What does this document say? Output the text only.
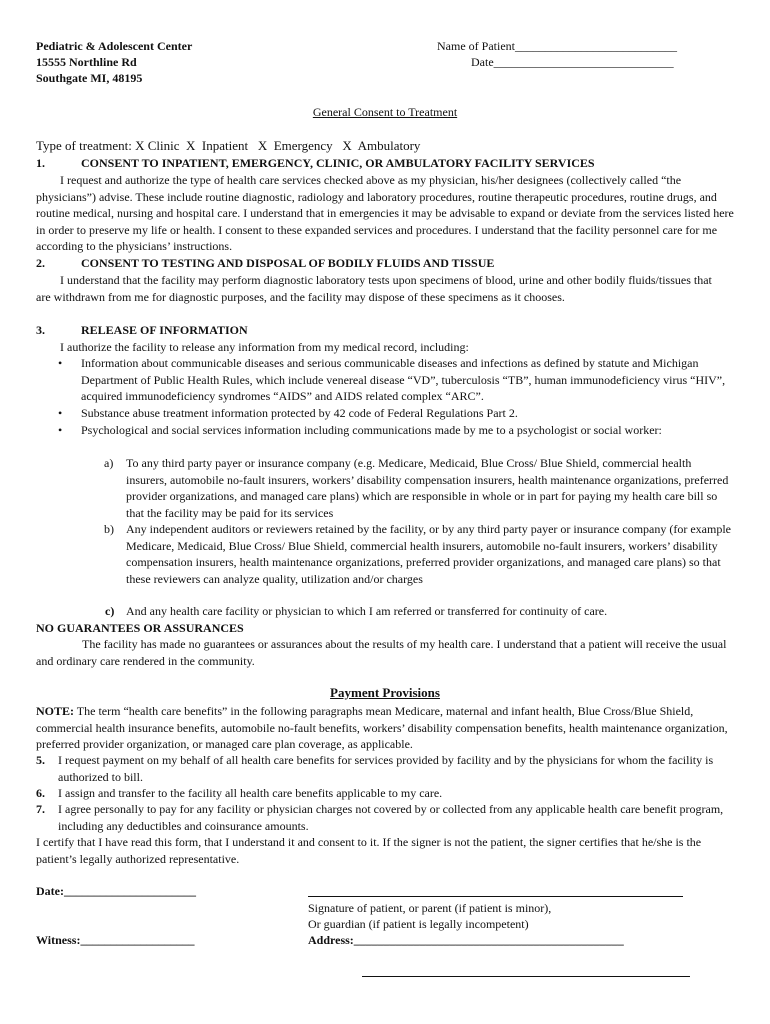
Pediatric & Adolescent Center
15555 Northline Rd
Southgate MI, 48195
Name of Patient___________________________
Date______________________________
General Consent to Treatment
Type of treatment: X Clinic  X  Inpatient   X  Emergency   X  Ambulatory
1.	CONSENT TO INPATIENT, EMERGENCY, CLINIC, OR AMBULATORY FACILITY SERVICES
I request and authorize the type of health care services checked above as my physician, his/her designees (collectively called “the physicians”) advise. These include routine diagnostic, radiology and laboratory procedures, routine therapeutic procedures, routine drugs, and routine medical, nursing and hospital care. I understand that in emergencies it may be advisable to expand or deviate from the services listed here in order to preserve my life or health. I consent to these expanded services and procedures. I understand that the facility personnel care for me according to the physicians’ instructions.
2.	CONSENT TO TESTING AND DISPOSAL OF BODILY FLUIDS AND TISSUE
I understand that the facility may perform diagnostic laboratory tests upon specimens of blood, urine and other bodily fluids/tissues that are withdrawn from me for diagnostic purposes, and the facility may dispose of these specimens as it chooses.
3.	RELEASE OF INFORMATION
I authorize the facility to release any information from my medical record, including:
• Information about communicable diseases and serious communicable diseases and infections as defined by statute and Michigan Department of Public Health Rules, which include venereal disease “VD”, tuberculosis “TB”, human immunodeficiency virus “HIV”, acquired immunodeficiency syndromes “AIDS” and AIDS related complex “ARC”.
• Substance abuse treatment information protected by 42 code of Federal Regulations Part 2.
• Psychological and social services information including communications made by me to a psychologist or social worker:
a) To any third party payer or insurance company (e.g. Medicare, Medicaid, Blue Cross/ Blue Shield, commercial health insurers, automobile no-fault insurers, workers’ disability compensation insurers, health maintenance organizations, preferred provider organizations, and managed care plans) which are responsible in whole or in part for paying my health care bill so that the facility may be paid for its services
b) Any independent auditors or reviewers retained by the facility, or by any third party payer or insurance company (for example Medicare, Medicaid, Blue Cross/ Blue Shield, commercial health insurers, automobile no-fault insurers, workers’ disability compensation insurers, health maintenance organizations, preferred provider organizations, and managed care plans) so that these reviewers can analyze quality, utilization and/or charges
c) And any health care facility or physician to which I am referred or transferred for continuity of care.
NO GUARANTEES OR ASSURANCES
The facility has made no guarantees or assurances about the results of my health care. I understand that a patient will receive the usual and ordinary care rendered in the community.
Payment Provisions
NOTE: The term “health care benefits” in the following paragraphs mean Medicare, maternal and infant health, Blue Cross/Blue Shield, commercial health insurance benefits, automobile no-fault benefits, workers’ disability compensation benefits, health maintenance organization, preferred provider organization, or managed care plan coverage, as applicable.
5. I request payment on my behalf of all health care benefits for services provided by facility and by the physicians for whom the facility is authorized to bill.
6. I assign and transfer to the facility all health care benefits applicable to my care.
7. I agree personally to pay for any facility or physician charges not covered by or collected from any applicable health care benefit program, including any deductibles and coinsurance amounts.
I certify that I have read this form, that I understand it and consent to it. If the signer is not the patient, the signer certifies that he/she is the patient’s legally authorized representative.
Date:______________________
Signature of patient, or parent (if patient is minor),
Or guardian (if patient is legally incompetent)
Witness:___________________	Address:_____________________________________________
